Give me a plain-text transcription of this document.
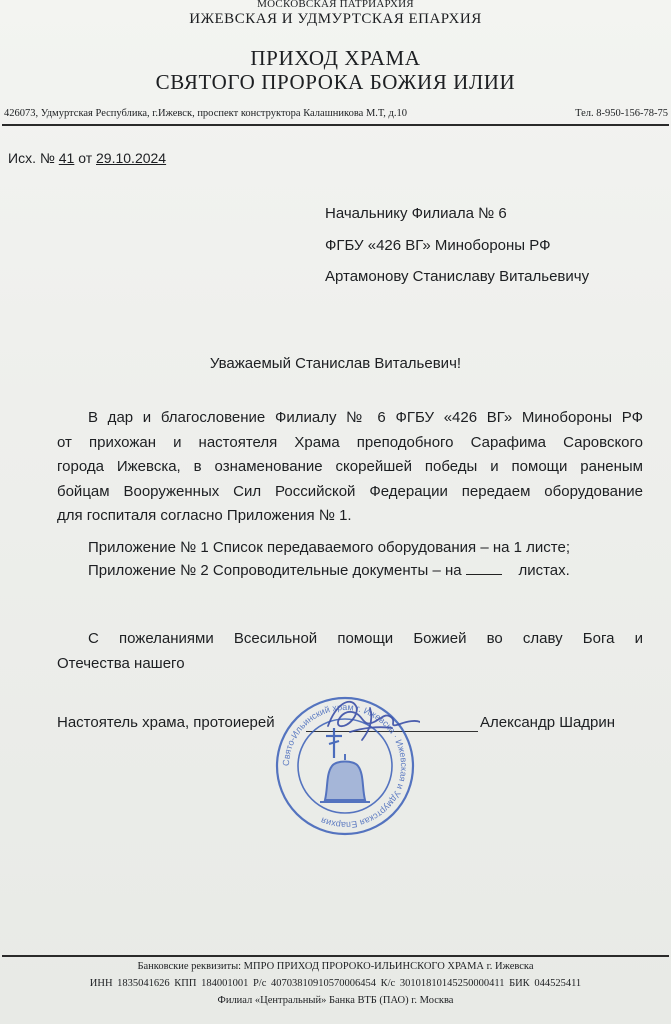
МОСКОВСКАЯ ПАТРИАРХИЯ
ИЖЕВСКАЯ И УДМУРТСКАЯ ЕПАРХИЯ
ПРИХОД ХРАМА
СВЯТОГО ПРОРОКА БОЖИЯ ИЛИИ
426073, Удмуртская Республика, г.Ижевск, проспект конструктора Калашникова М.Т, д.10	Тел. 8-950-156-78-75
Исх. № 41 от 29.10.2024
Начальнику Филиала № 6
ФГБУ «426 ВГ» Минобороны РФ
Артамонову Станиславу Витальевичу
Уважаемый Станислав Витальевич!
В дар и благословение Филиалу № 6 ФГБУ «426 ВГ» Минобороны РФ
от прихожан и настоятеля Храма преподобного Сарафима Саровского
города Ижевска, в ознаменование скорейшей победы и помощи раненым
бойцам Вооруженных Сил Российской Федерации передаем оборудование
для госпиталя согласно Приложения № 1.
Приложение № 1 Список передаваемого оборудования – на 1 листе;
Приложение № 2 Сопроводительные документы – на	листах.
С пожеланиями Всесильной помощи Божией во славу Бога и
Отечества нашего
Настоятель храма, протоиерей	Александр Шадрин
Свято-Ильинский храм г. Ижевска · Ижевская и Удмуртская Епархия
Банковские реквизиты: МПРО ПРИХОД ПРОРОКО-ИЛЬИНСКОГО ХРАМА г. Ижевска
ИНН 1835041626 КПП 184001001 Р/с 40703810910570006454 К/с 30101810145250000411 БИК 044525411
Филиал «Центральный» Банка ВТБ (ПАО) г. Москва
